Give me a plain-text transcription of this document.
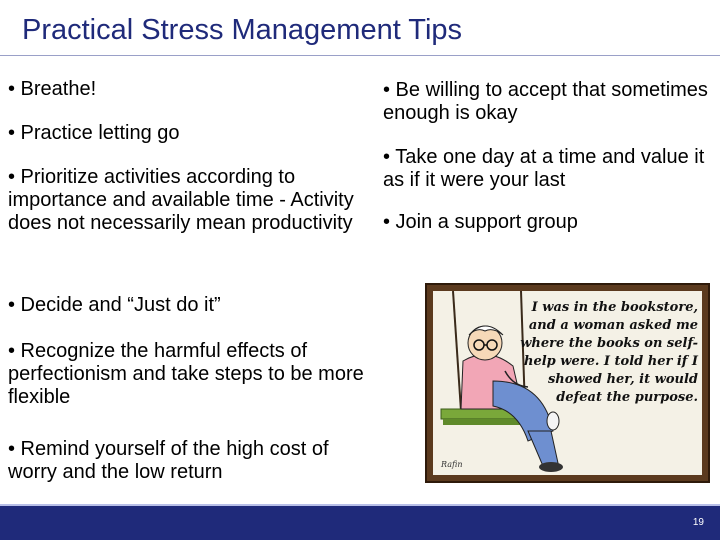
Practical Stress Management Tips
• Breathe!
• Practice letting go
• Prioritize activities according to importance and available time - Activity does not necessarily mean productivity
• Decide and “Just do it”
• Recognize the harmful effects of perfectionism and take steps to be more flexible
• Remind yourself of the high cost of worry and the low return
• Be willing to accept that sometimes enough is okay
• Take one day at a time and value it as if it were your last
• Join a support group
I was in the bookstore, and a woman asked me where the books on self-help were. I told her if I showed her, it would defeat the purpose.
Rafin
19
